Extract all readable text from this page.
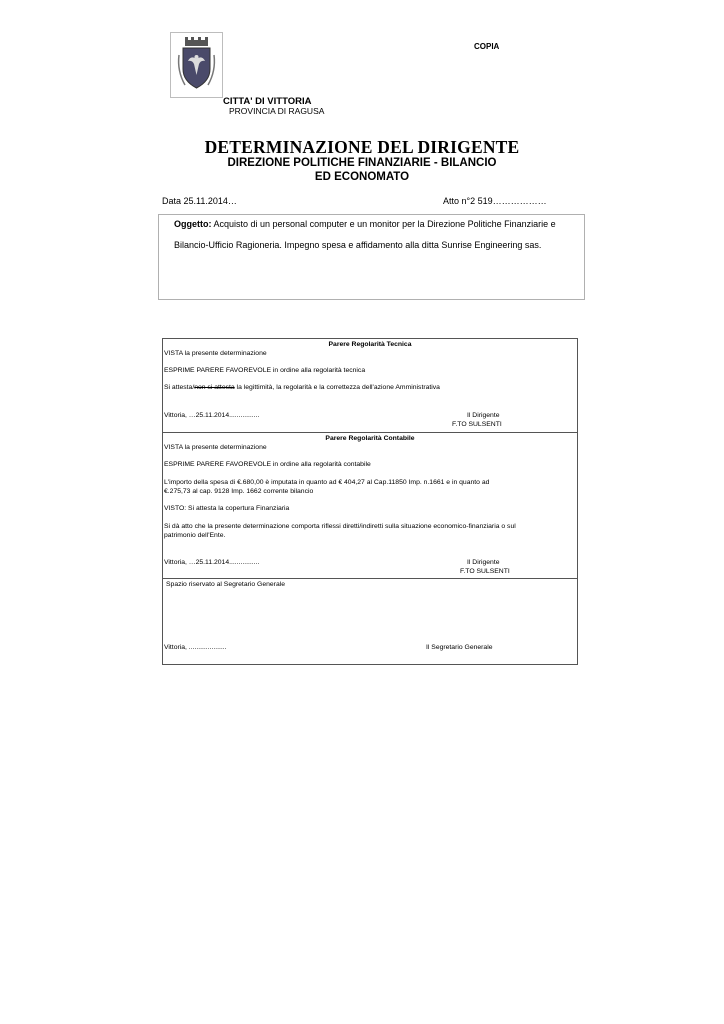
COPIA
CITTA' DI VITTORIA
PROVINCIA DI RAGUSA
DETERMINAZIONE DEL DIRIGENTE
DIREZIONE POLITICHE FINANZIARIE - BILANCIO
ED ECONOMATO
Data 25.11.2014…	Atto n°2 519………………
Oggetto: Acquisto di un personal computer e un monitor per la Direzione Politiche Finanziarie e
Bilancio-Ufficio Ragioneria. Impegno spesa e affidamento alla ditta Sunrise Engineering sas.
Parere Regolarità Tecnica
VISTA la presente determinazione
ESPRIME PARERE FAVOREVOLE in ordine alla regolarità tecnica
Si attesta/non si attesta la legittimità, la regolarità e la correttezza dell'azione Amministrativa
Vittoria, …25.11.2014................	Il Dirigente
F.TO SULSENTI
Parere Regolarità Contabile
VISTA la presente determinazione
ESPRIME PARERE FAVOREVOLE in ordine alla regolarità contabile
L'importo della spesa di €.680,00 è imputata in quanto ad € 404,27 al Cap.11850 Imp. n.1661 e in quanto ad
€.275,73 al cap. 9128 Imp. 1662 corrente bilancio
VISTO: Si attesta la copertura Finanziaria
Si dà atto che la presente determinazione comporta riflessi diretti/indiretti sulla situazione economico-finanziaria o sul
patrimonio dell'Ente.
Vittoria, …25.11.2014................	Il Dirigente
F.TO SULSENTI
Spazio riservato al Segretario Generale
Vittoria, ....................	Il Segretario Generale
